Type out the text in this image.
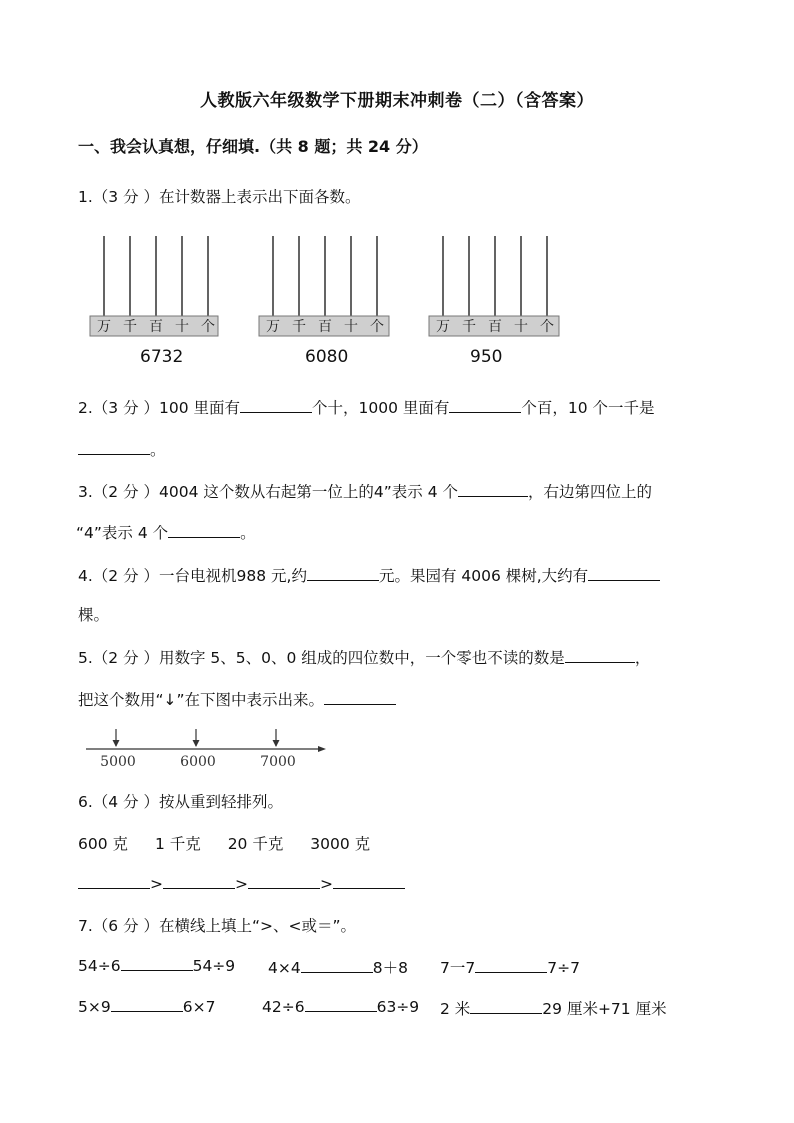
人教版六年级数学下册期末冲刺卷（二）（含答案）
一、我会认真想，仔细填.（共 8 题；共 24 分）
1.（3 分 ）在计数器上表示出下面各数。
万 千 百 十 个
6732
万 千 百 十 个
6080
万 千 百 十 个
950
2.（3 分 ）100 里面有	个十，1000 里面有	个百，10 个一千是
。
3.（2 分 ）4004 这个数从右起第一位上的4”表示 4 个	，右边第四位上的
“4”表示 4 个	。
4.（2 分 ）一台电视机988 元,约	元。果园有 4006 棵树,大约有
棵。
5.（2 分 ）用数字 5、5、0、0 组成的四位数中，一个零也不读的数是	，
把这个数用“↓”在下图中表示出来。
5000	6000	7000
6.（4 分 ）按从重到轻排列。
600 克 1 千克 20 千克 3000 克
>	>	>
7.（6 分 ）在横线上填上“>、<或＝”。
54÷6	54÷9 4×4	8＋8 7一7	7÷7
5×9	6×7	42÷6	63÷9 2 米	29 厘米+71 厘米
